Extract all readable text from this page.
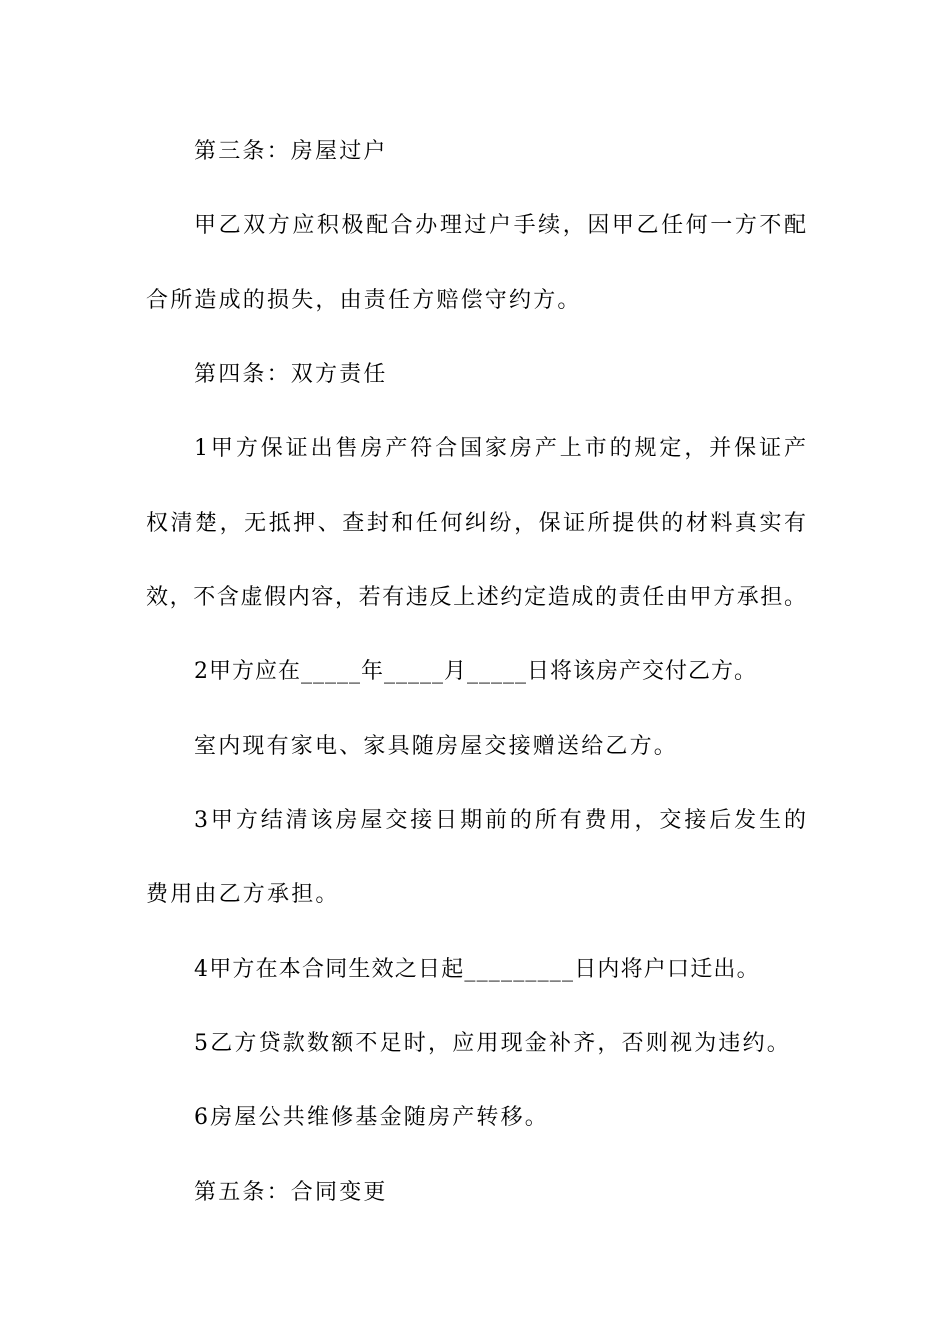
第三条：房屋过户
甲乙双方应积极配合办理过户手续，因甲乙任何一方不配
合所造成的损失，由责任方赔偿守约方。
第四条：双方责任
1甲方保证出售房产符合国家房产上市的规定，并保证产
权清楚，无抵押、查封和任何纠纷，保证所提供的材料真实有
效，不含虚假内容，若有违反上述约定造成的责任由甲方承担。
2甲方应在_____年_____月_____日将该房产交付乙方。
室内现有家电、家具随房屋交接赠送给乙方。
3甲方结清该房屋交接日期前的所有费用，交接后发生的
费用由乙方承担。
4甲方在本合同生效之日起_________日内将户口迁出。
5乙方贷款数额不足时，应用现金补齐，否则视为违约。
6房屋公共维修基金随房产转移。
第五条：合同变更
